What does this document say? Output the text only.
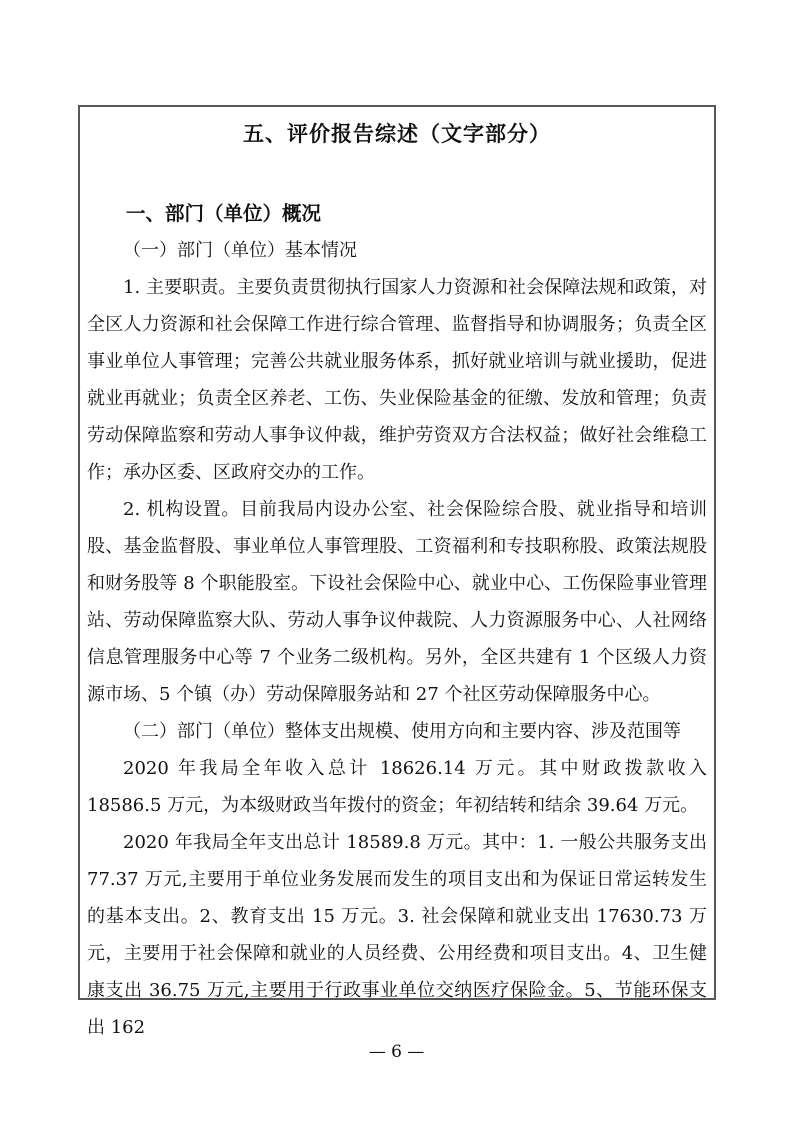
五、评价报告综述（文字部分）
一、部门（单位）概况
（一）部门（单位）基本情况
1. 主要职责。主要负责贯彻执行国家人力资源和社会保障法规和政策，对全区人力资源和社会保障工作进行综合管理、监督指导和协调服务；负责全区事业单位人事管理；完善公共就业服务体系，抓好就业培训与就业援助，促进就业再就业；负责全区养老、工伤、失业保险基金的征缴、发放和管理；负责劳动保障监察和劳动人事争议仲裁，维护劳资双方合法权益；做好社会维稳工作；承办区委、区政府交办的工作。
2. 机构设置。目前我局内设办公室、社会保险综合股、就业指导和培训股、基金监督股、事业单位人事管理股、工资福利和专技职称股、政策法规股和财务股等 8 个职能股室。下设社会保险中心、就业中心、工伤保险事业管理站、劳动保障监察大队、劳动人事争议仲裁院、人力资源服务中心、人社网络信息管理服务中心等 7 个业务二级机构。另外，全区共建有 1 个区级人力资源市场、5 个镇（办）劳动保障服务站和 27 个社区劳动保障服务中心。
（二）部门（单位）整体支出规模、使用方向和主要内容、涉及范围等
2020 年我局全年收入总计 18626.14 万元。其中财政拨款收入 18586.5 万元，为本级财政当年拨付的资金；年初结转和结余 39.64 万元。
2020 年我局全年支出总计 18589.8 万元。其中：1. 一般公共服务支出 77.37 万元,主要用于单位业务发展而发生的项目支出和为保证日常运转发生的基本支出。2、教育支出 15 万元。3. 社会保障和就业支出 17630.73 万元，主要用于社会保障和就业的人员经费、公用经费和项目支出。4、卫生健康支出 36.75 万元,主要用于行政事业单位交纳医疗保险金。5、节能环保支出 162
— 6 —
